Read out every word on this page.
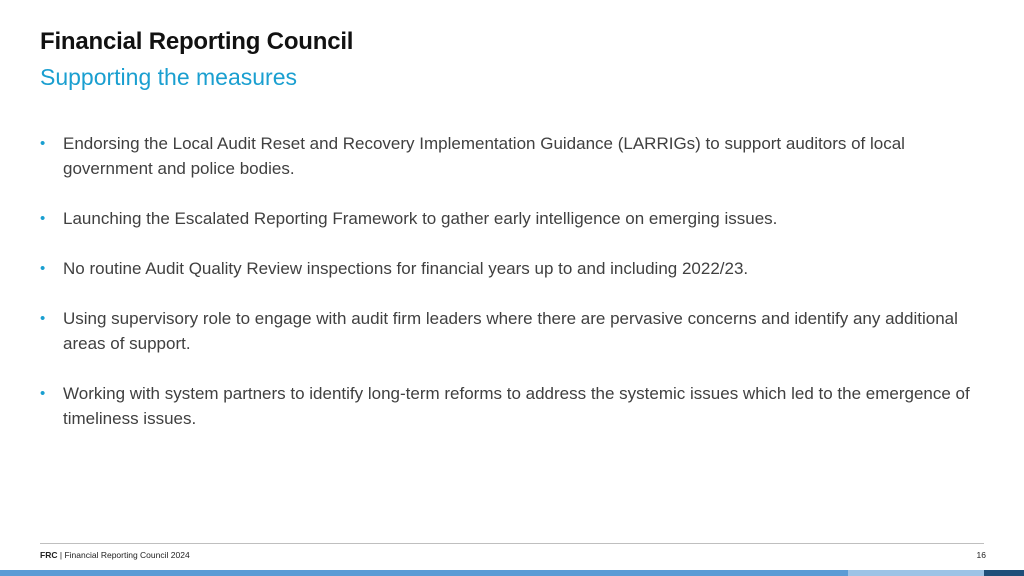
Financial Reporting Council
Supporting the measures
• Endorsing the Local Audit Reset and Recovery Implementation Guidance (LARRIGs) to support auditors of local government and police bodies.
• Launching the Escalated Reporting Framework to gather early intelligence on emerging issues.
• No routine Audit Quality Review inspections for financial years up to and including 2022/23.
• Using supervisory role to engage with audit firm leaders where there are pervasive concerns and identify any additional areas of support.
• Working with system partners to identify long-term reforms to address the systemic issues which led to the emergence of timeliness issues.
FRC | Financial Reporting Council 2024	16
